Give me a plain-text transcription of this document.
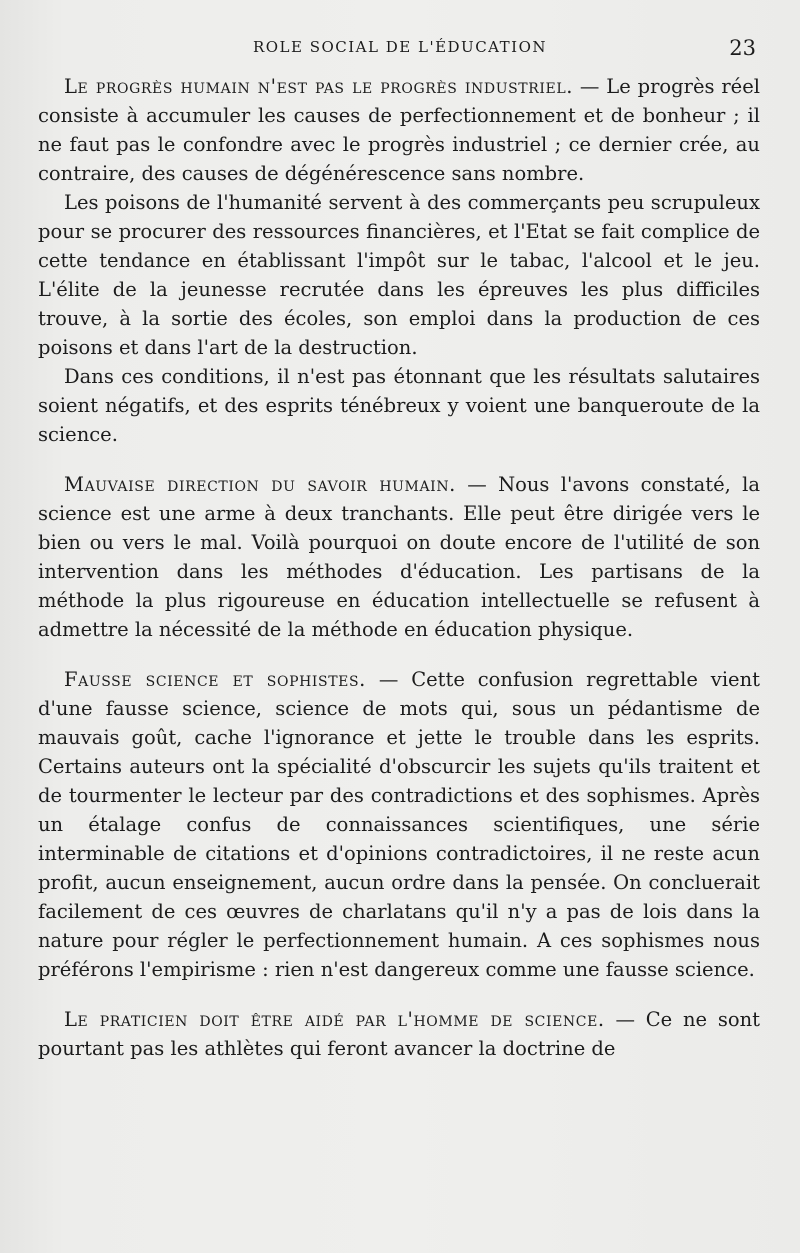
ROLE SOCIAL DE L'ÉDUCATION	23

Le progrès humain n'est pas le progrès industriel. — Le progrès réel consiste à accumuler les causes de perfectionnement et de bonheur ; il ne faut pas le confondre avec le progrès industriel ; ce dernier crée, au contraire, des causes de dégénérescence sans nombre.

Les poisons de l'humanité servent à des commerçants peu scrupuleux pour se procurer des ressources financières, et l'Etat se fait complice de cette tendance en établissant l'impôt sur le tabac, l'alcool et le jeu. L'élite de la jeunesse recrutée dans les épreuves les plus difficiles trouve, à la sortie des écoles, son emploi dans la production de ces poisons et dans l'art de la destruction.

Dans ces conditions, il n'est pas étonnant que les résultats salutaires soient négatifs, et des esprits ténébreux y voient une banqueroute de la science.

Mauvaise direction du savoir humain. — Nous l'avons constaté, la science est une arme à deux tranchants. Elle peut être dirigée vers le bien ou vers le mal. Voilà pourquoi on doute encore de l'utilité de son intervention dans les méthodes d'éducation. Les partisans de la méthode la plus rigoureuse en éducation intellectuelle se refusent à admettre la nécessité de la méthode en éducation physique.

Fausse science et sophistes. — Cette confusion regrettable vient d'une fausse science, science de mots qui, sous un pédantisme de mauvais goût, cache l'ignorance et jette le trouble dans les esprits. Certains auteurs ont la spécialité d'obscurcir les sujets qu'ils traitent et de tourmenter le lecteur par des contradictions et des sophismes. Après un étalage confus de connaissances scientifiques, une série interminable de citations et d'opinions contradictoires, il ne reste acun profit, aucun enseignement, aucun ordre dans la pensée. On concluerait facilement de ces œuvres de charlatans qu'il n'y a pas de lois dans la nature pour régler le perfectionnement humain. A ces sophismes nous préférons l'empirisme : rien n'est dangereux comme une fausse science.

Le praticien doit être aidé par l'homme de science. — Ce ne sont pourtant pas les athlètes qui feront avancer la doctrine de
